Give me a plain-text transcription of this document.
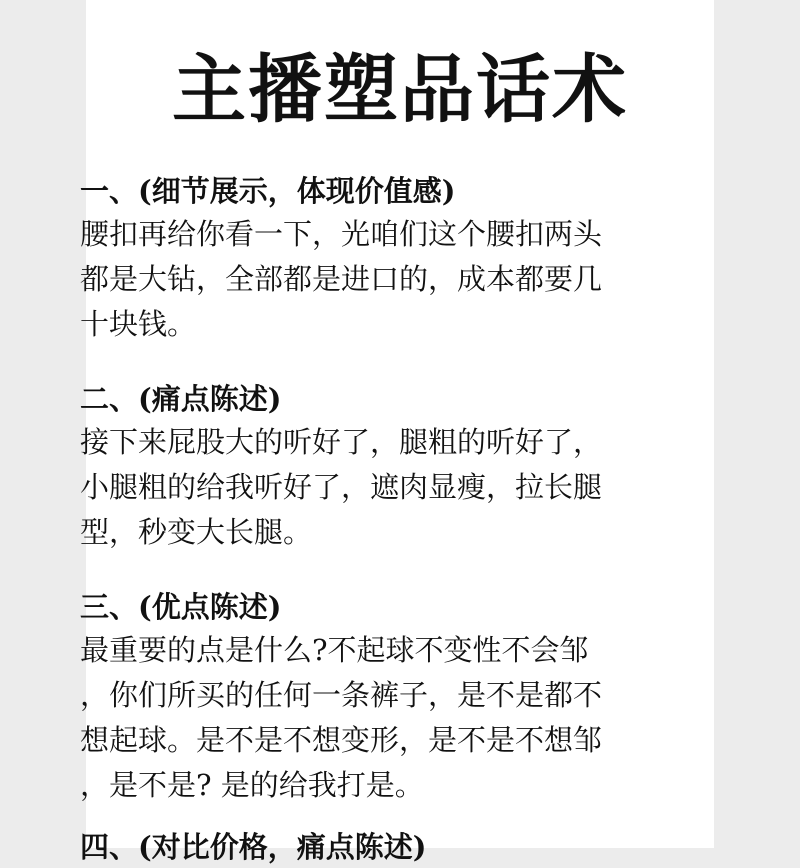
主播塑品话术
一、(细节展示，体现价值感)

腰扣再给你看一下，光咱们这个腰扣两头
都是大钻，全部都是进口的，成本都要几
十块钱。

二、(痛点陈述)

接下来屁股大的听好了，腿粗的听好了，
小腿粗的给我听好了，遮肉显瘦，拉长腿
型，秒变大长腿。

三、(优点陈述)

最重要的点是什么?不起球不变性不会邹
，你们所买的任何一条裤子，是不是都不
想起球。是不是不想变形，是不是不想邹
，是不是? 是的给我打是。

四、(对比价格，痛点陈述)
